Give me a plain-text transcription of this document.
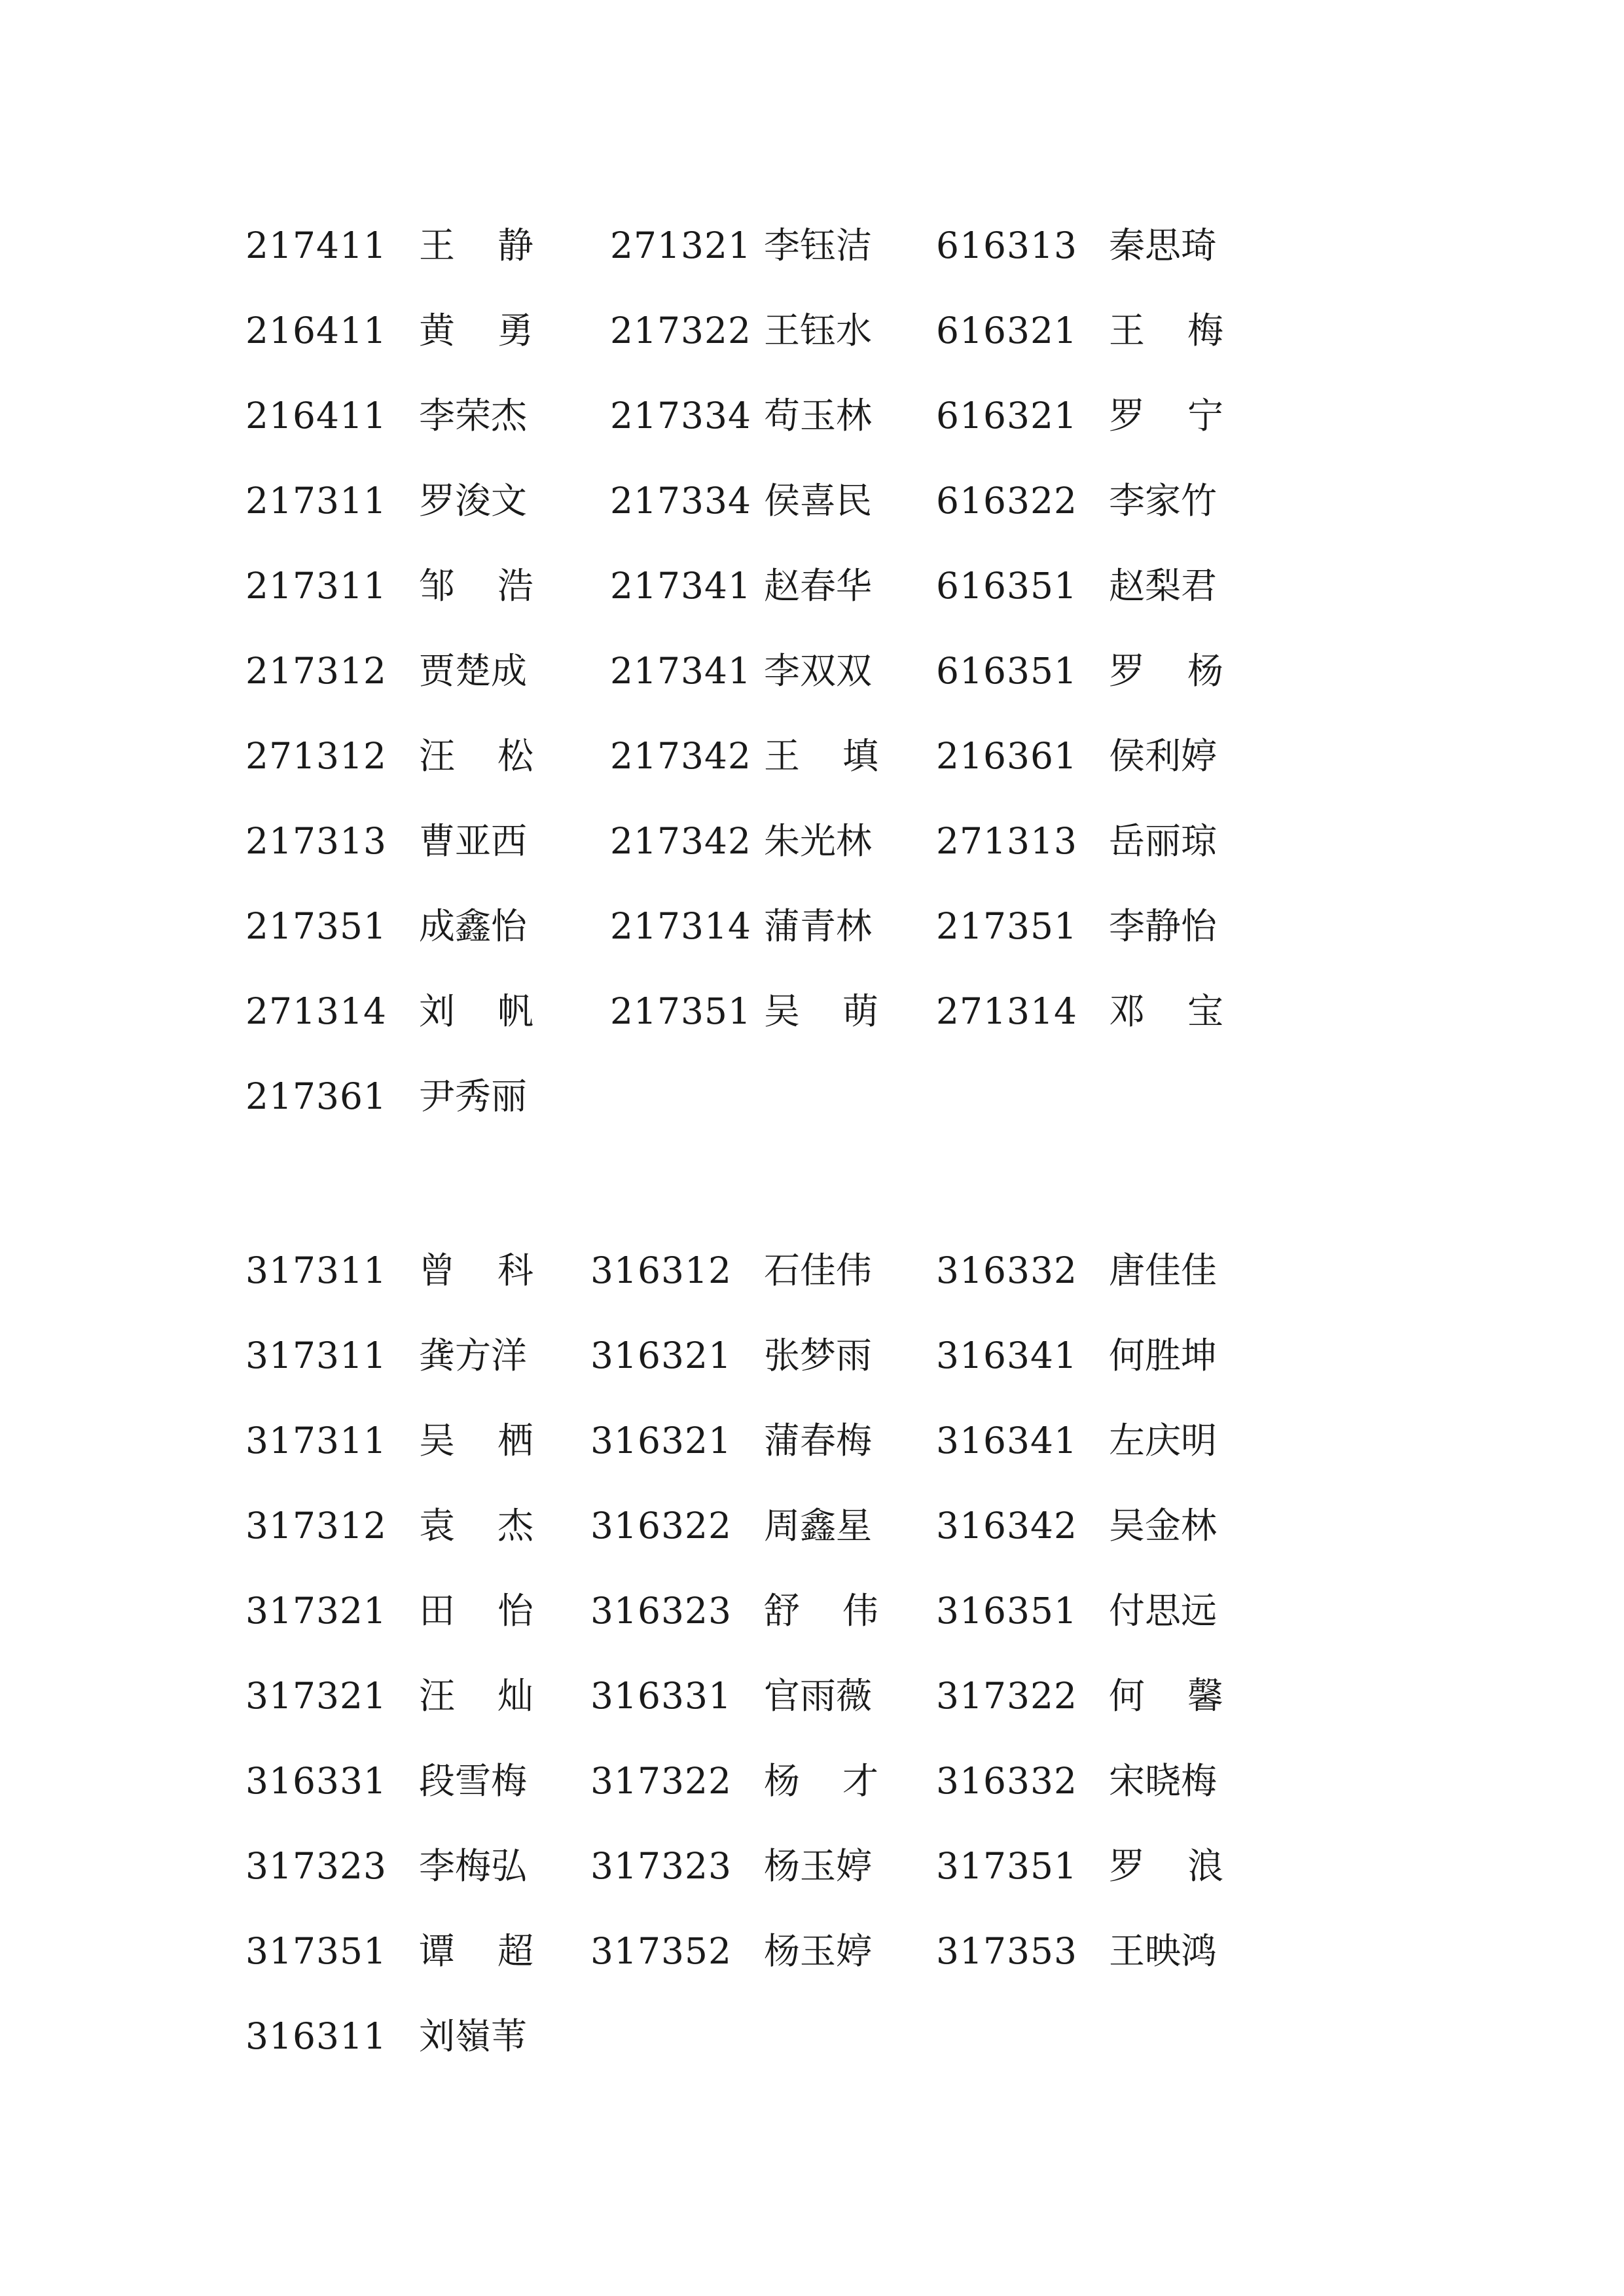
217411 王 静 271321 李钰洁 616313 秦思琦
216411 黄 勇 217322 王钰水 616321 王 梅
216411 李荣杰 217334 苟玉林 616321 罗 宁
217311 罗浚文 217334 侯喜民 616322 李家竹
217311 邹 浩 217341 赵春华 616351 赵梨君
217312 贾楚成 217341 李双双 616351 罗 杨
271312 汪 松 217342 王 填 216361 侯利婷
217313 曹亚西 217342 朱光林 271313 岳丽琼
217351 成鑫怡 217314 蒲青林 217351 李静怡
271314 刘 帆 217351 吴 萌 271314 邓 宝
217361 尹秀丽
317311 曾 科 316312 石佳伟 316332 唐佳佳
317311 龚方洋 316321 张梦雨 316341 何胜坤
317311 吴 栖 316321 蒲春梅 316341 左庆明
317312 袁 杰 316322 周鑫星 316342 吴金林
317321 田 怡 316323 舒 伟 316351 付思远
317321 汪 灿 316331 官雨薇 317322 何 馨
316331 段雪梅 317322 杨 才 316332 宋晓梅
317323 李梅弘 317323 杨玉婷 317351 罗 浪
317351 谭 超 317352 杨玉婷 317353 王映鸿
316311 刘嶺苇
